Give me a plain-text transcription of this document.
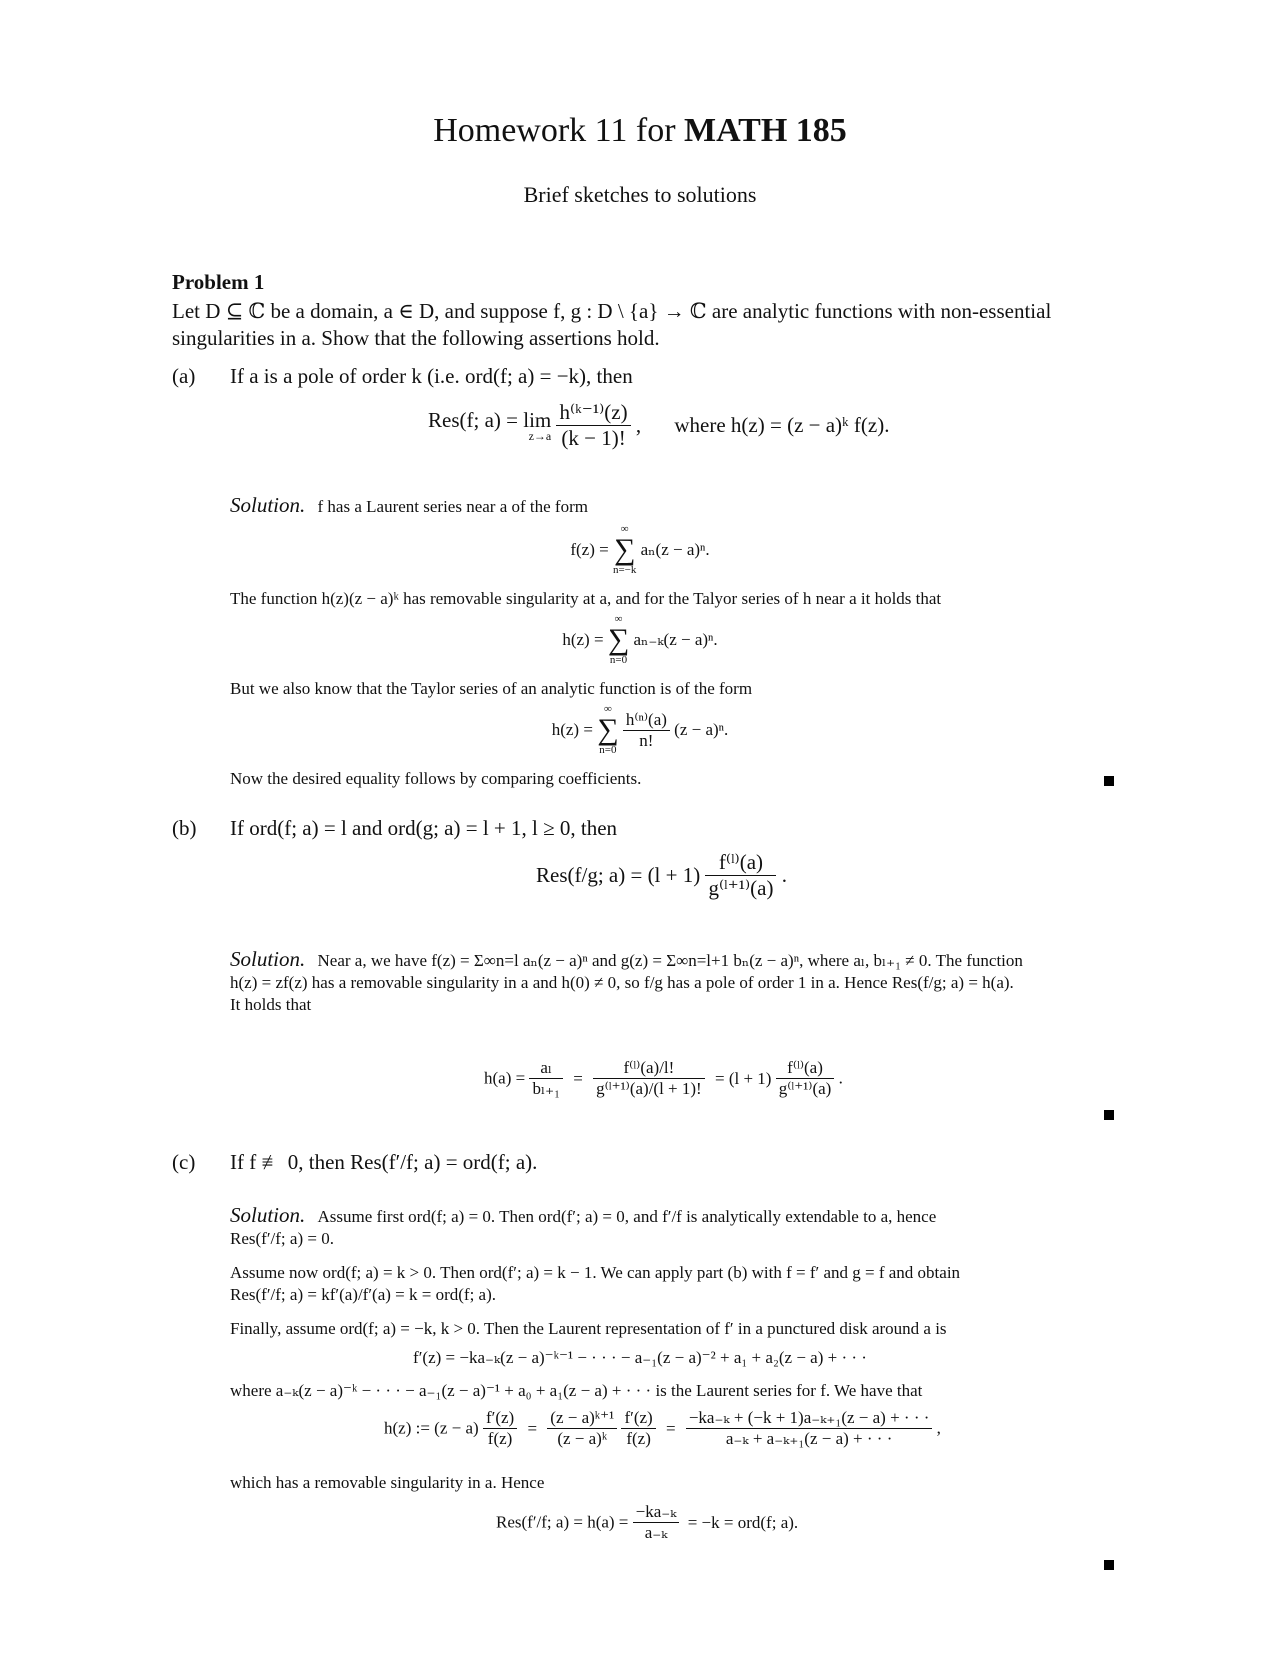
Homework 11 for MATH 185
Brief sketches to solutions
Problem 1
Let D ⊆ ℂ be a domain, a ∈ D, and suppose f, g : D \ {a} → ℂ are analytic functions with non-essential
singularities in a. Show that the following assertions hold.
(a) If a is a pole of order k (i.e. ord(f; a) = −k), then
Res(f; a) = lim
z→a
$\frac{\text{h⁽ᵏ⁻¹⁾(z)}}{(k - 1)!}$ , where h(z) = (z − a)ᵏ f(z).
Solution. f has a Laurent series near a of the form
f(z) =
∞
∑
n=−k
aₙ(z − a)ⁿ.
The function h(z)(z − a)ᵏ has removable singularity at a, and for the Talyor series of h near a it holds that
h(z) =
∞
∑
n=0
aₙ₋ₖ(z − a)ⁿ.
But we also know that the Taylor series of an analytic function is of the form
h(z) =
∞
∑
n=0
$\frac{\text{h⁽ⁿ⁾(a)}}{n!} (z - a)^n$.
Now the desired equality follows by comparing coefficients.
(b) If ord(f; a) = l and ord(g; a) = l + 1, l ≥ 0, then
Res(f/g; $a) = (l + 1) \frac{\text{f⁽ˡ⁾(a)}}{\text{g⁽ˡ⁺¹⁾(a)}}$ .
Solution. Near a, we have f(z) = Σ∞n=l aₙ(z − a)ⁿ and g(z) = Σ∞n=l+1 bₙ(z − a)ⁿ, where aₗ, bₗ₊₁ ≠ 0. The function
h(z) = zf(z) has a removable singularity in a and h(0) ≠ 0, so f/g has a pole of order 1 in a. Hence Res(f/g; a) = h(a).
It holds that
$h(a) = \frac{\text{aₗ}}{\text{bₗ₊₁}} = \frac{\text{f⁽ˡ⁾(a)/l!}}{\text{g⁽ˡ⁺¹⁾(a)/(l + 1)!}} = (l + 1) \frac{\text{f⁽ˡ⁾(a)}}{\text{g⁽ˡ⁺¹⁾(a)}}$ .
(c) If f ≢ 0, then Res(f′/f; a) = ord(f; a).
Solution. Assume first ord(f; a) = 0. Then ord(f′; a) = 0, and f′/f is analytically extendable to a, hence
Res(f′/f; a) = 0.
Assume now ord(f; a) = k > 0. Then ord(f′; a) = k − 1. We can apply part (b) with f = f′ and g = f and obtain
Res(f′/f; a) = kf′(a)/f′(a) = k = ord(f; a).
Finally, assume ord(f; a) = −k, k > 0. Then the Laurent representation of f′ in a punctured disk around a is
f′(z) = −ka₋ₖ(z − a)⁻ᵏ⁻¹ − · · · − a₋₁(z − a)⁻² + a₁ + a₂(z − a) + · · ·
where a₋ₖ(z − a)⁻ᵏ − · · · − a₋₁(z − a)⁻¹ + a₀ + a₁(z − a) + · · · is the Laurent series for f. We have that
h(z) := $(z - a) \frac{f'(z)}{f(z)} = \frac{\text{(z − a)ᵏ⁺¹}}{\text{(z − a)ᵏ}}$
$\frac{f'(z)}{f(z)} = \frac{\text{−ka₋ₖ + (−k + 1)a₋ₖ₊₁(z − a) + · · ·}}{\text{a₋ₖ + a₋ₖ₊₁(z − a) + · · ·}}$ ,
which has a removable singularity in a. Hence
Res(f′/f; $a) = h(a) = \frac{\text{−ka₋ₖ}}{\text{a₋ₖ}} = -k = ord(f$; a).
